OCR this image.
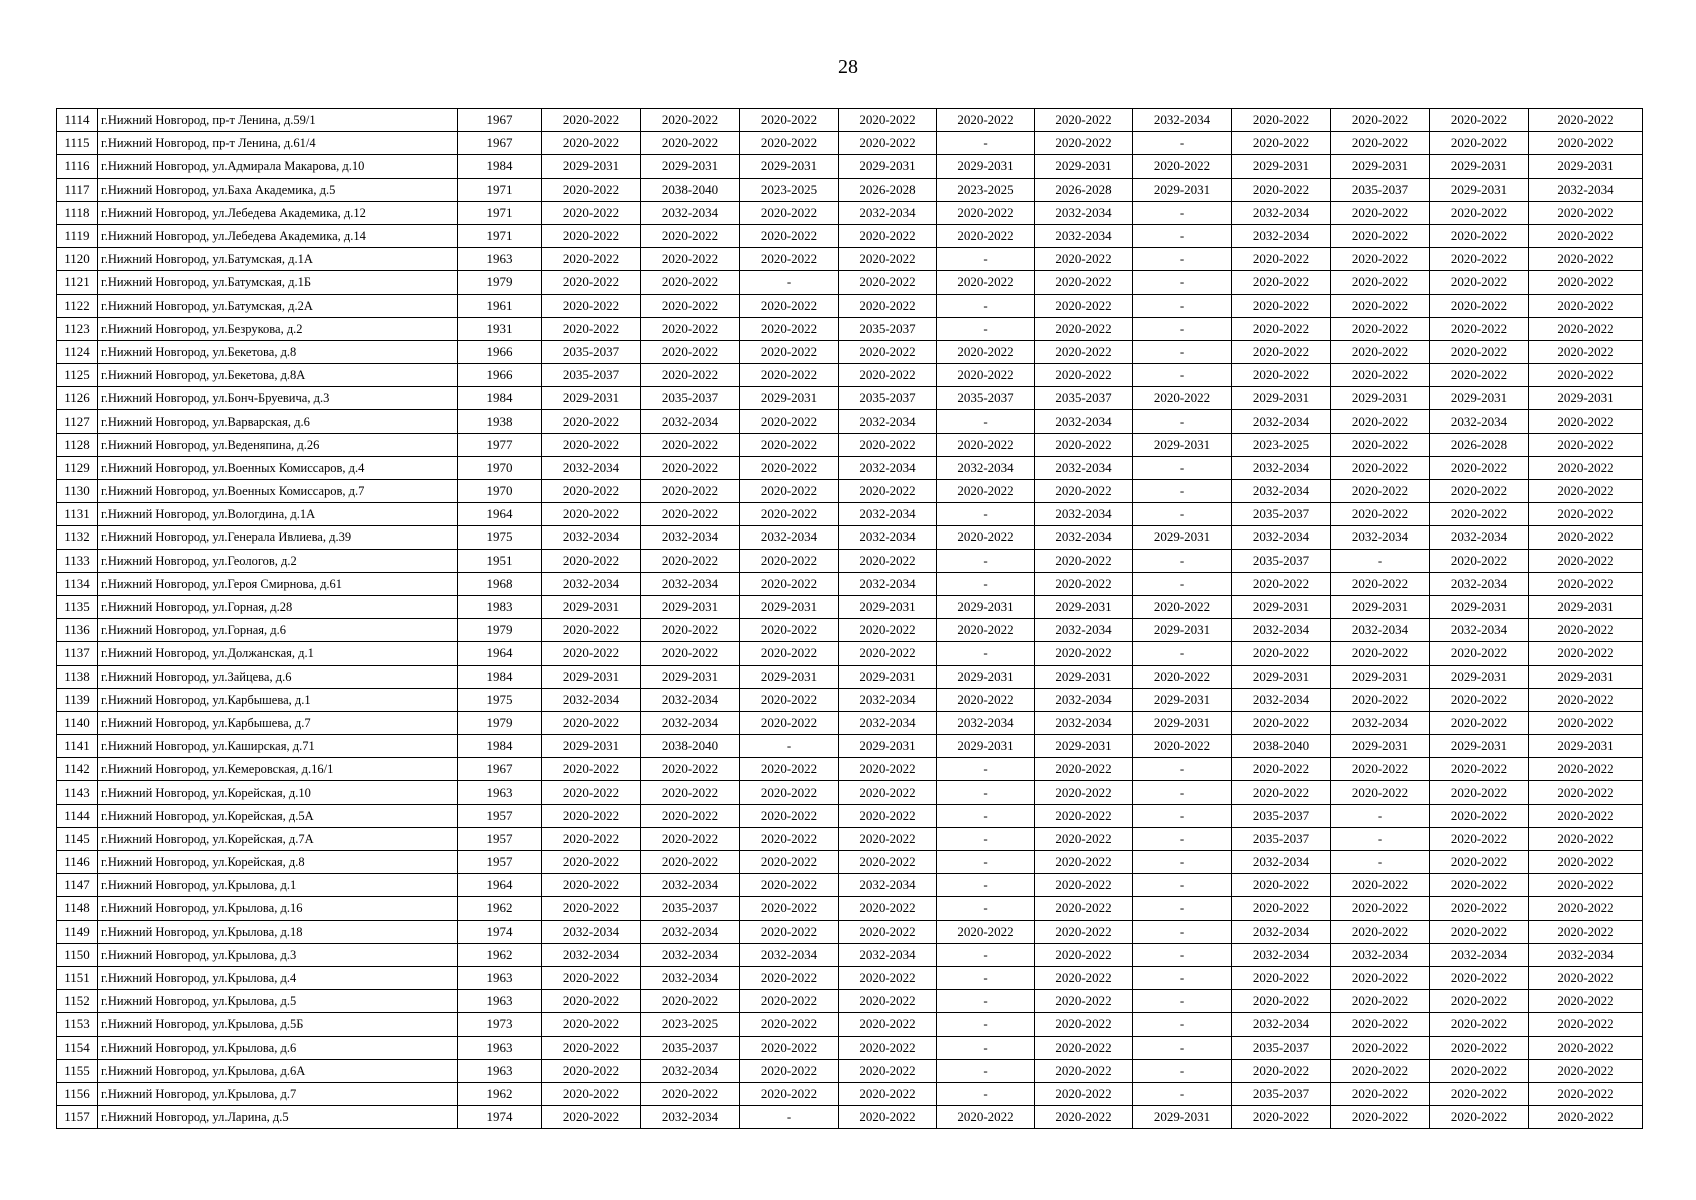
28
1114	г.Нижний Новгород, пр-т Ленина, д.59/1	1967	2020-2022	2020-2022	2020-2022	2020-2022	2020-2022	2020-2022	2032-2034	2020-2022	2020-2022	2020-2022	2020-2022
1115	г.Нижний Новгород, пр-т Ленина, д.61/4	1967	2020-2022	2020-2022	2020-2022	2020-2022	-	2020-2022	-	2020-2022	2020-2022	2020-2022	2020-2022
1116	г.Нижний Новгород, ул.Адмирала Макарова, д.10	1984	2029-2031	2029-2031	2029-2031	2029-2031	2029-2031	2029-2031	2020-2022	2029-2031	2029-2031	2029-2031	2029-2031
1117	г.Нижний Новгород, ул.Баха Академика, д.5	1971	2020-2022	2038-2040	2023-2025	2026-2028	2023-2025	2026-2028	2029-2031	2020-2022	2035-2037	2029-2031	2032-2034
1118	г.Нижний Новгород, ул.Лебедева Академика, д.12	1971	2020-2022	2032-2034	2020-2022	2032-2034	2020-2022	2032-2034	-	2032-2034	2020-2022	2020-2022	2020-2022
1119	г.Нижний Новгород, ул.Лебедева Академика, д.14	1971	2020-2022	2020-2022	2020-2022	2020-2022	2020-2022	2032-2034	-	2032-2034	2020-2022	2020-2022	2020-2022
1120	г.Нижний Новгород, ул.Батумская, д.1А	1963	2020-2022	2020-2022	2020-2022	2020-2022	-	2020-2022	-	2020-2022	2020-2022	2020-2022	2020-2022
1121	г.Нижний Новгород, ул.Батумская, д.1Б	1979	2020-2022	2020-2022	-	2020-2022	2020-2022	2020-2022	-	2020-2022	2020-2022	2020-2022	2020-2022
1122	г.Нижний Новгород, ул.Батумская, д.2А	1961	2020-2022	2020-2022	2020-2022	2020-2022	-	2020-2022	-	2020-2022	2020-2022	2020-2022	2020-2022
1123	г.Нижний Новгород, ул.Безрукова, д.2	1931	2020-2022	2020-2022	2020-2022	2035-2037	-	2020-2022	-	2020-2022	2020-2022	2020-2022	2020-2022
1124	г.Нижний Новгород, ул.Бекетова, д.8	1966	2035-2037	2020-2022	2020-2022	2020-2022	2020-2022	2020-2022	-	2020-2022	2020-2022	2020-2022	2020-2022
1125	г.Нижний Новгород, ул.Бекетова, д.8А	1966	2035-2037	2020-2022	2020-2022	2020-2022	2020-2022	2020-2022	-	2020-2022	2020-2022	2020-2022	2020-2022
1126	г.Нижний Новгород, ул.Бонч-Бруевича, д.3	1984	2029-2031	2035-2037	2029-2031	2035-2037	2035-2037	2035-2037	2020-2022	2029-2031	2029-2031	2029-2031	2029-2031
1127	г.Нижний Новгород, ул.Варварская, д.6	1938	2020-2022	2032-2034	2020-2022	2032-2034	-	2032-2034	-	2032-2034	2020-2022	2032-2034	2020-2022
1128	г.Нижний Новгород, ул.Веденяпина, д.26	1977	2020-2022	2020-2022	2020-2022	2020-2022	2020-2022	2020-2022	2029-2031	2023-2025	2020-2022	2026-2028	2020-2022
1129	г.Нижний Новгород, ул.Военных Комиссаров, д.4	1970	2032-2034	2020-2022	2020-2022	2032-2034	2032-2034	2032-2034	-	2032-2034	2020-2022	2020-2022	2020-2022
1130	г.Нижний Новгород, ул.Военных Комиссаров, д.7	1970	2020-2022	2020-2022	2020-2022	2020-2022	2020-2022	2020-2022	-	2032-2034	2020-2022	2020-2022	2020-2022
1131	г.Нижний Новгород, ул.Вологдина, д.1А	1964	2020-2022	2020-2022	2020-2022	2032-2034	-	2032-2034	-	2035-2037	2020-2022	2020-2022	2020-2022
1132	г.Нижний Новгород, ул.Генерала Ивлиева, д.39	1975	2032-2034	2032-2034	2032-2034	2032-2034	2020-2022	2032-2034	2029-2031	2032-2034	2032-2034	2032-2034	2020-2022
1133	г.Нижний Новгород, ул.Геологов, д.2	1951	2020-2022	2020-2022	2020-2022	2020-2022	-	2020-2022	-	2035-2037	-	2020-2022	2020-2022
1134	г.Нижний Новгород, ул.Героя Смирнова, д.61	1968	2032-2034	2032-2034	2020-2022	2032-2034	-	2020-2022	-	2020-2022	2020-2022	2032-2034	2020-2022
1135	г.Нижний Новгород, ул.Горная, д.28	1983	2029-2031	2029-2031	2029-2031	2029-2031	2029-2031	2029-2031	2020-2022	2029-2031	2029-2031	2029-2031	2029-2031
1136	г.Нижний Новгород, ул.Горная, д.6	1979	2020-2022	2020-2022	2020-2022	2020-2022	2020-2022	2032-2034	2029-2031	2032-2034	2032-2034	2032-2034	2020-2022
1137	г.Нижний Новгород, ул.Должанская, д.1	1964	2020-2022	2020-2022	2020-2022	2020-2022	-	2020-2022	-	2020-2022	2020-2022	2020-2022	2020-2022
1138	г.Нижний Новгород, ул.Зайцева, д.6	1984	2029-2031	2029-2031	2029-2031	2029-2031	2029-2031	2029-2031	2020-2022	2029-2031	2029-2031	2029-2031	2029-2031
1139	г.Нижний Новгород, ул.Карбышева, д.1	1975	2032-2034	2032-2034	2020-2022	2032-2034	2020-2022	2032-2034	2029-2031	2032-2034	2020-2022	2020-2022	2020-2022
1140	г.Нижний Новгород, ул.Карбышева, д.7	1979	2020-2022	2032-2034	2020-2022	2032-2034	2032-2034	2032-2034	2029-2031	2020-2022	2032-2034	2020-2022	2020-2022
1141	г.Нижний Новгород, ул.Каширская, д.71	1984	2029-2031	2038-2040	-	2029-2031	2029-2031	2029-2031	2020-2022	2038-2040	2029-2031	2029-2031	2029-2031
1142	г.Нижний Новгород, ул.Кемеровская, д.16/1	1967	2020-2022	2020-2022	2020-2022	2020-2022	-	2020-2022	-	2020-2022	2020-2022	2020-2022	2020-2022
1143	г.Нижний Новгород, ул.Корейская, д.10	1963	2020-2022	2020-2022	2020-2022	2020-2022	-	2020-2022	-	2020-2022	2020-2022	2020-2022	2020-2022
1144	г.Нижний Новгород, ул.Корейская, д.5А	1957	2020-2022	2020-2022	2020-2022	2020-2022	-	2020-2022	-	2035-2037	-	2020-2022	2020-2022
1145	г.Нижний Новгород, ул.Корейская, д.7А	1957	2020-2022	2020-2022	2020-2022	2020-2022	-	2020-2022	-	2035-2037	-	2020-2022	2020-2022
1146	г.Нижний Новгород, ул.Корейская, д.8	1957	2020-2022	2020-2022	2020-2022	2020-2022	-	2020-2022	-	2032-2034	-	2020-2022	2020-2022
1147	г.Нижний Новгород, ул.Крылова, д.1	1964	2020-2022	2032-2034	2020-2022	2032-2034	-	2020-2022	-	2020-2022	2020-2022	2020-2022	2020-2022
1148	г.Нижний Новгород, ул.Крылова, д.16	1962	2020-2022	2035-2037	2020-2022	2020-2022	-	2020-2022	-	2020-2022	2020-2022	2020-2022	2020-2022
1149	г.Нижний Новгород, ул.Крылова, д.18	1974	2032-2034	2032-2034	2020-2022	2020-2022	2020-2022	2020-2022	-	2032-2034	2020-2022	2020-2022	2020-2022
1150	г.Нижний Новгород, ул.Крылова, д.3	1962	2032-2034	2032-2034	2032-2034	2032-2034	-	2020-2022	-	2032-2034	2032-2034	2032-2034	2032-2034
1151	г.Нижний Новгород, ул.Крылова, д.4	1963	2020-2022	2032-2034	2020-2022	2020-2022	-	2020-2022	-	2020-2022	2020-2022	2020-2022	2020-2022
1152	г.Нижний Новгород, ул.Крылова, д.5	1963	2020-2022	2020-2022	2020-2022	2020-2022	-	2020-2022	-	2020-2022	2020-2022	2020-2022	2020-2022
1153	г.Нижний Новгород, ул.Крылова, д.5Б	1973	2020-2022	2023-2025	2020-2022	2020-2022	-	2020-2022	-	2032-2034	2020-2022	2020-2022	2020-2022
1154	г.Нижний Новгород, ул.Крылова, д.6	1963	2020-2022	2035-2037	2020-2022	2020-2022	-	2020-2022	-	2035-2037	2020-2022	2020-2022	2020-2022
1155	г.Нижний Новгород, ул.Крылова, д.6А	1963	2020-2022	2032-2034	2020-2022	2020-2022	-	2020-2022	-	2020-2022	2020-2022	2020-2022	2020-2022
1156	г.Нижний Новгород, ул.Крылова, д.7	1962	2020-2022	2020-2022	2020-2022	2020-2022	-	2020-2022	-	2035-2037	2020-2022	2020-2022	2020-2022
1157	г.Нижний Новгород, ул.Ларина, д.5	1974	2020-2022	2032-2034	-	2020-2022	2020-2022	2020-2022	2029-2031	2020-2022	2020-2022	2020-2022	2020-2022
